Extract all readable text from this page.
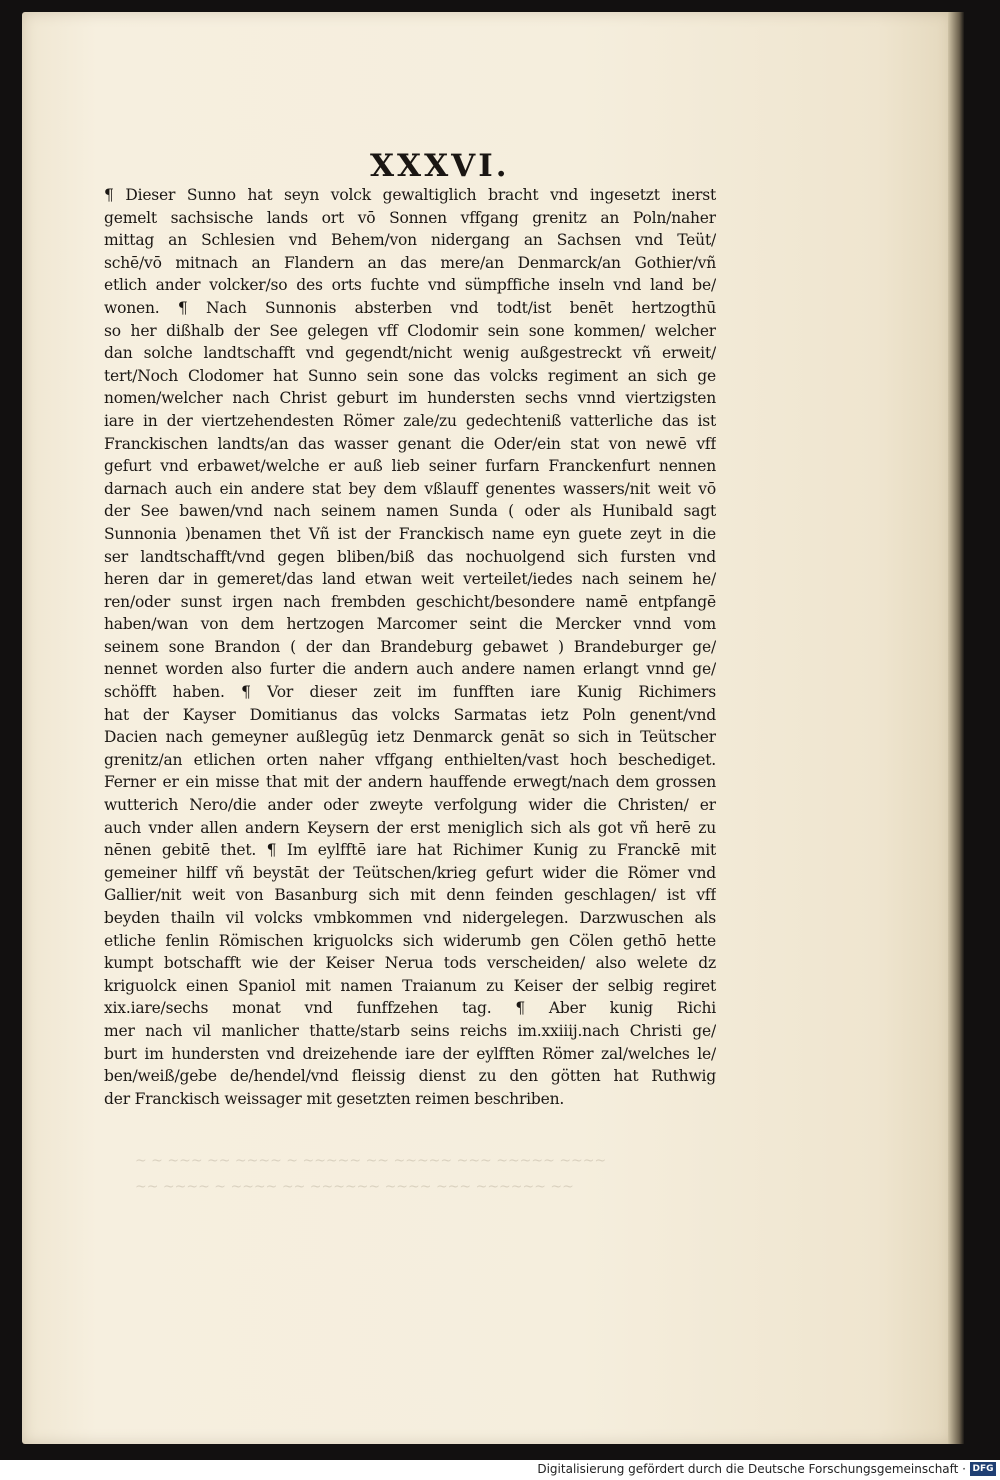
XXXVI.
¶ Dieser Sunno hat seyn volck gewaltiglich bracht vnd ingesetzt inerst
gemelt sachsische lands ort vō Sonnen vffgang grenitz an Poln/naher
mittag an Schlesien vnd Behem/von nidergang an Sachsen vnd Teüt/
schē/vō mitnach an Flandern an das mere/an Denmarck/an Gothier/vñ
etlich ander volcker/so des orts fuchte vnd sümpffiche inseln vnd land be/
wonen. ¶ Nach Sunnonis absterben vnd todt/ist benēt hertzogthū
so her dißhalb der See gelegen vff Clodomir sein sone kommen/ welcher
dan solche landtschafft vnd gegendt/nicht wenig außgestreckt vñ erweit/
tert/Noch Clodomer hat Sunno sein sone das volcks regiment an sich ge
nomen/welcher nach Christ geburt im hundersten sechs vnnd viertzigsten
iare in der viertzehendesten Römer zale/zu gedechteniß vatterliche das ist
Franckischen landts/an das wasser genant die Oder/ein stat von newē vff
gefurt vnd erbawet/welche er auß lieb seiner furfarn Franckenfurt nennen
darnach auch ein andere stat bey dem vßlauff genentes wassers/nit weit vō
der See bawen/vnd nach seinem namen Sunda ( oder als Hunibald sagt
Sunnonia )benamen thet Vñ ist der Franckisch name eyn guete zeyt in die
ser landtschafft/vnd gegen bliben/biß das nochuolgend sich fursten vnd
heren dar in gemeret/das land etwan weit verteilet/iedes nach seinem he/
ren/oder sunst irgen nach frembden geschicht/besondere namē entpfangē
haben/wan von dem hertzogen Marcomer seint die Mercker vnnd vom
seinem sone Brandon ( der dan Brandeburg gebawet ) Brandeburger ge/
nennet worden also furter die andern auch andere namen erlangt vnnd ge/
schöfft haben. ¶ Vor dieser zeit im funfften iare Kunig Richimers
hat der Kayser Domitianus das volcks Sarmatas ietz Poln genent/vnd
Dacien nach gemeyner außlegūg ietz Denmarck genāt so sich in Teütscher
grenitz/an etlichen orten naher vffgang enthielten/vast hoch beschediget.
Ferner er ein misse that mit der andern hauffende erwegt/nach dem grossen
wutterich Nero/die ander oder zweyte verfolgung wider die Christen/ er
auch vnder allen andern Keysern der erst meniglich sich als got vñ herē zu
nēnen gebitē thet. ¶ Im eylfftē iare hat Richimer Kunig zu Franckē mit
gemeiner hilff vñ beystāt der Teütschen/krieg gefurt wider die Römer vnd
Gallier/nit weit von Basanburg sich mit denn feinden geschlagen/ ist vff
beyden thailn vil volcks vmbkommen vnd nidergelegen. Darzwuschen als
etliche fenlin Römischen kriguolcks sich widerumb gen Cölen gethō hette
kumpt botschafft wie der Keiser Nerua tods verscheiden/ also welete dz
kriguolck einen Spaniol mit namen Traianum zu Keiser der selbig regiret
xix.iare/sechs monat vnd funffzehen tag. ¶ Aber kunig Richi
mer nach vil manlicher thatte/starb seins reichs im.xxiiij.nach Christi ge/
burt im hundersten vnd dreizehende iare der eylfften Römer zal/welches le/
ben/weiß/gebe de/hendel/vnd fleissig dienst zu den götten hat Ruthwig
der Franckisch weissager mit gesetzten reimen beschriben.
~ ~ ~~~ ~~ ~~~~ ~ ~~~~~ ~~ ~~~~~ ~~~ ~~~~~ ~~~~
~~ ~~~~ ~ ~~~~ ~~ ~~~~~~ ~~~~ ~~~ ~~~~~~ ~~
Digitalisierung gefördert durch die Deutsche Forschungsgemeinschaft · DFG
